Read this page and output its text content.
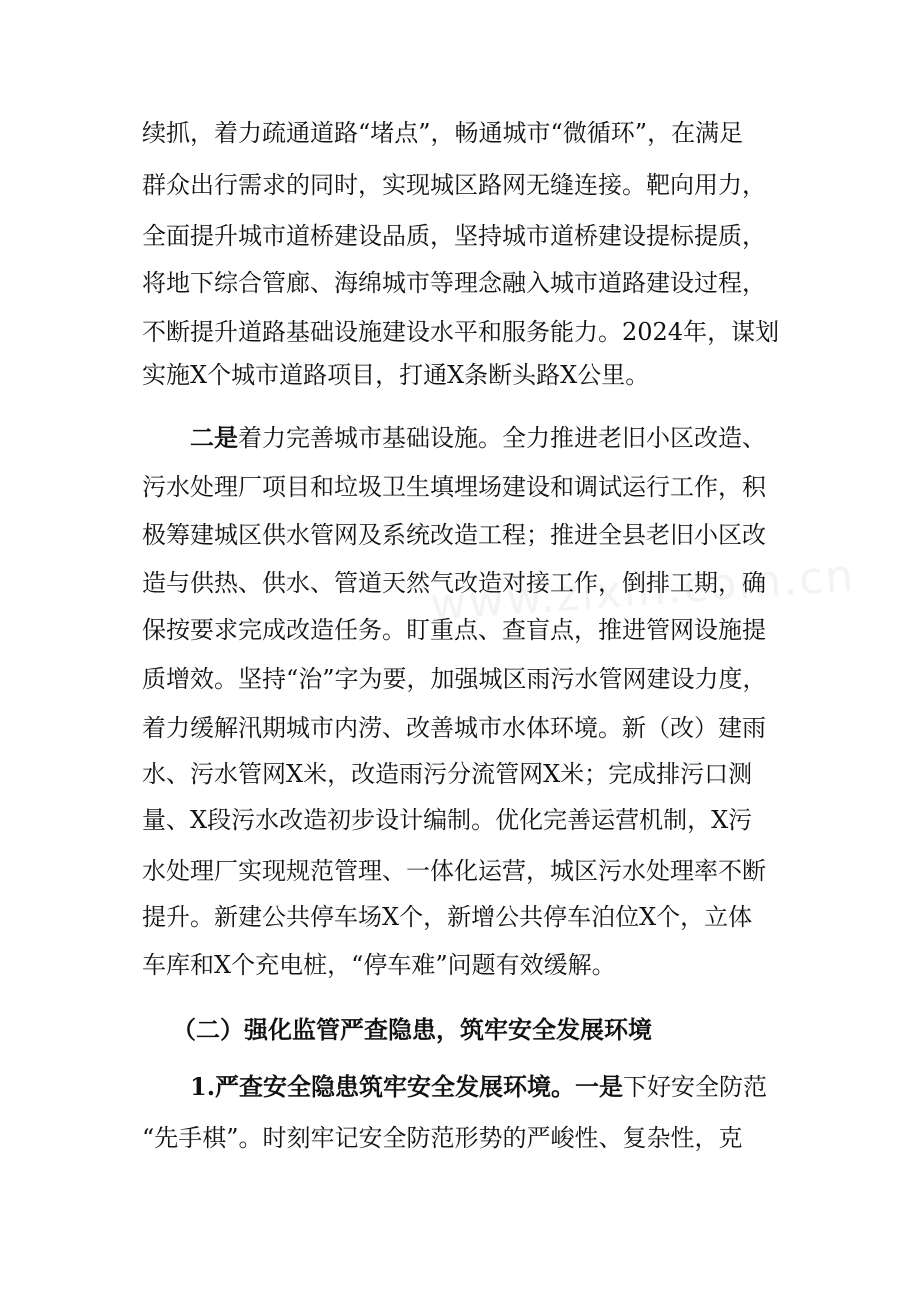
续抓，着力疏通道路“堵点”，畅通城市“微循环”，在满足
群众出行需求的同时，实现城区路网无缝连接。靶向用力，
全面提升城市道桥建设品质，坚持城市道桥建设提标提质，
将地下综合管廊、海绵城市等理念融入城市道路建设过程，
不断提升道路基础设施建设水平和服务能力。2024年，谋划
实施X个城市道路项目，打通X条断头路X公里。
二是着力完善城市基础设施。全力推进老旧小区改造、
污水处理厂项目和垃圾卫生填埋场建设和调试运行工作，积
极筹建城区供水管网及系统改造工程；推进全县老旧小区改
造与供热、供水、管道天然气改造对接工作，倒排工期，确
保按要求完成改造任务。盯重点、查盲点，推进管网设施提
质增效。坚持“治”字为要，加强城区雨污水管网建设力度，
着力缓解汛期城市内涝、改善城市水体环境。新（改）建雨
水、污水管网X米，改造雨污分流管网X米；完成排污口测
量、X段污水改造初步设计编制。优化完善运营机制，X污
水处理厂实现规范管理、一体化运营，城区污水处理率不断
提升。新建公共停车场X个，新增公共停车泊位X个，立体
车库和X个充电桩，“停车难”问题有效缓解。
（二）强化监管严查隐患，筑牢安全发展环境
1.严查安全隐患筑牢安全发展环境。一是下好安全防范
“先手棋”。时刻牢记安全防范形势的严峻性、复杂性，克
